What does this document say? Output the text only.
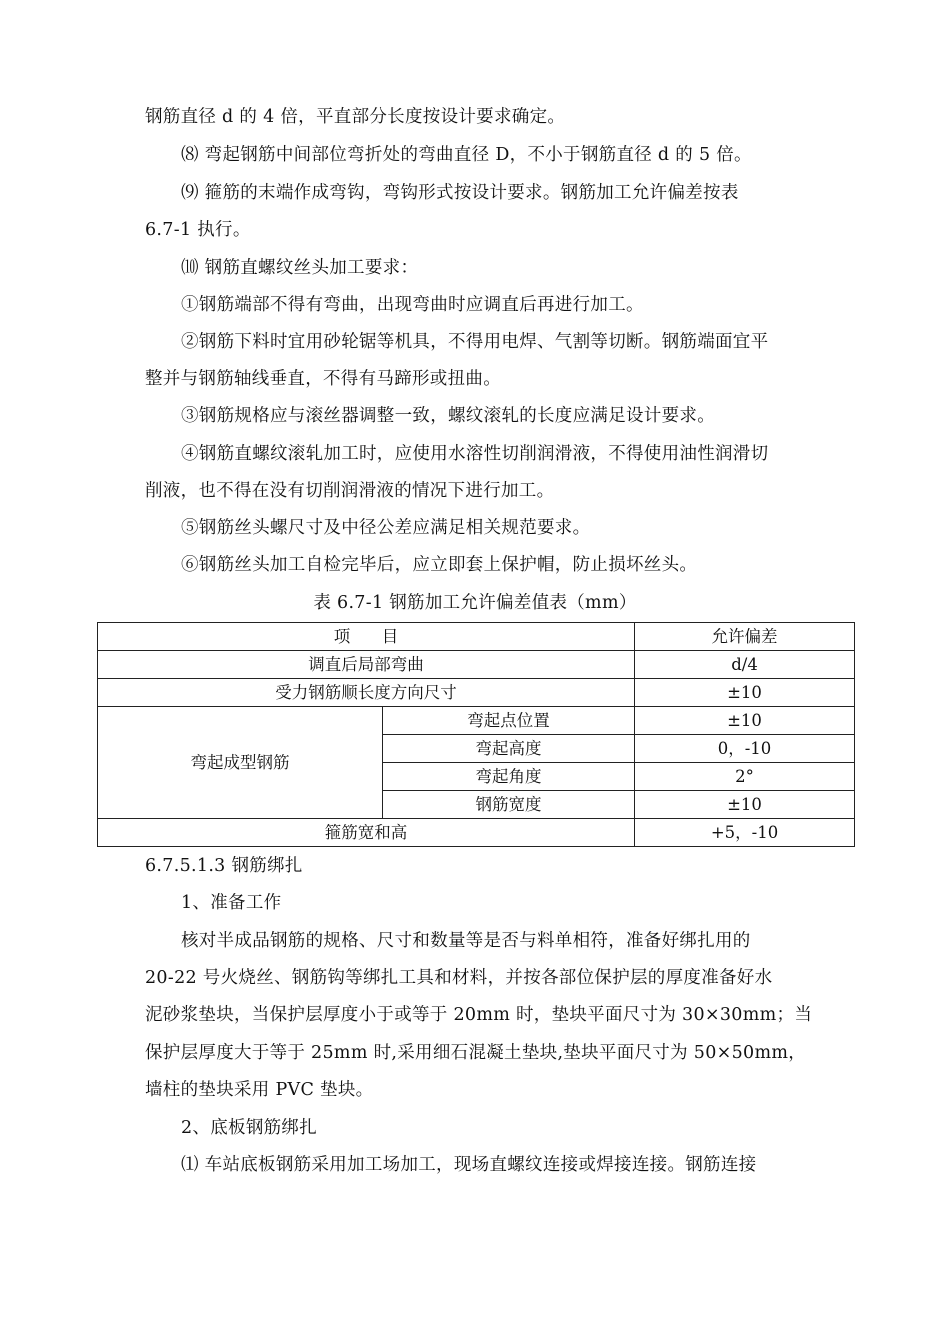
钢筋直径 d 的 4 倍，平直部分长度按设计要求确定。
⑻ 弯起钢筋中间部位弯折处的弯曲直径 D，不小于钢筋直径 d 的 5 倍。
⑼ 箍筋的末端作成弯钩，弯钩形式按设计要求。钢筋加工允许偏差按表
6.7-1 执行。
⑽ 钢筋直螺纹丝头加工要求：
①钢筋端部不得有弯曲，出现弯曲时应调直后再进行加工。
②钢筋下料时宜用砂轮锯等机具，不得用电焊、气割等切断。钢筋端面宜平
整并与钢筋轴线垂直，不得有马蹄形或扭曲。
③钢筋规格应与滚丝器调整一致，螺纹滚轧的长度应满足设计要求。
④钢筋直螺纹滚轧加工时，应使用水溶性切削润滑液，不得使用油性润滑切
削液，也不得在没有切削润滑液的情况下进行加工。
⑤钢筋丝头螺尺寸及中径公差应满足相关规范要求。
⑥钢筋丝头加工自检完毕后，应立即套上保护帽，防止损坏丝头。
表 6.7-1 钢筋加工允许偏差值表（mm）
项      目		允许偏差
调直后局部弯曲		d/4
受力钢筋顺长度方向尺寸		±10
弯起成型钢筋	弯起点位置	±10
	弯起高度	0，-10
	弯起角度	2°
	钢筋宽度	±10
箍筋宽和高		+5，-10
6.7.5.1.3 钢筋绑扎
1、准备工作
核对半成品钢筋的规格、尺寸和数量等是否与料单相符，准备好绑扎用的
20-22 号火烧丝、钢筋钩等绑扎工具和材料，并按各部位保护层的厚度准备好水
泥砂浆垫块，当保护层厚度小于或等于 20mm 时，垫块平面尺寸为 30×30mm；当
保护层厚度大于等于 25mm 时,采用细石混凝土垫块,垫块平面尺寸为 50×50mm，
墙柱的垫块采用 PVC 垫块。
2、底板钢筋绑扎
⑴ 车站底板钢筋采用加工场加工，现场直螺纹连接或焊接连接。钢筋连接
